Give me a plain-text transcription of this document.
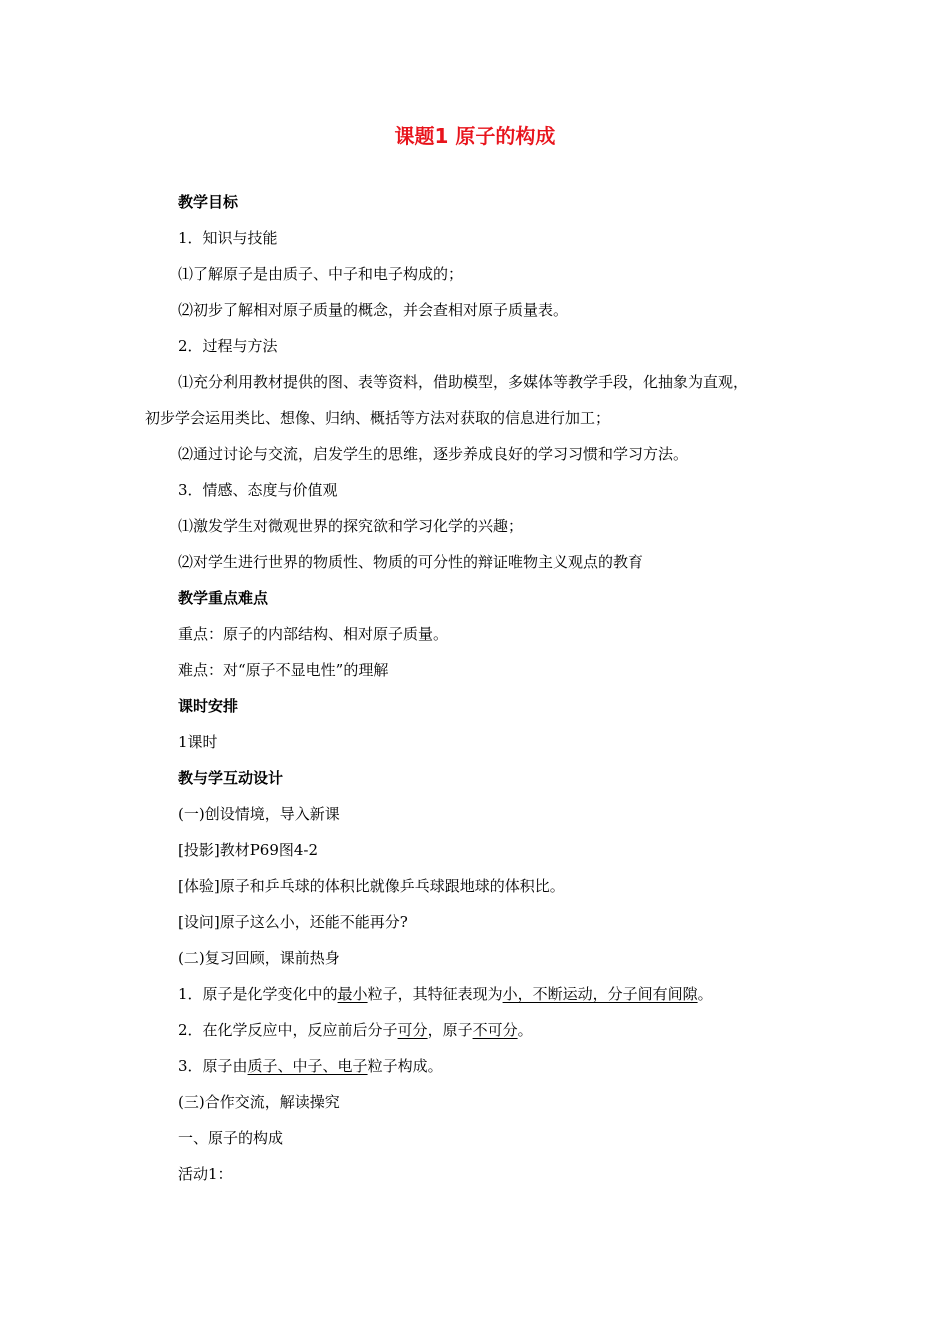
课题1 原子的构成
教学目标
1．知识与技能
⑴了解原子是由质子、中子和电子构成的；
⑵初步了解相对原子质量的概念，并会查相对原子质量表。
2．过程与方法
⑴充分利用教材提供的图、表等资料，借助模型，多媒体等教学手段，化抽象为直观，
初步学会运用类比、想像、归纳、概括等方法对获取的信息进行加工；
⑵通过讨论与交流，启发学生的思维，逐步养成良好的学习习惯和学习方法。
3．情感、态度与价值观
⑴激发学生对微观世界的探究欲和学习化学的兴趣；
⑵对学生进行世界的物质性、物质的可分性的辩证唯物主义观点的教育
教学重点难点
重点：原子的内部结构、相对原子质量。
难点：对“原子不显电性”的理解
课时安排
1课时
教与学互动设计
(一)创设情境，导入新课
[投影]教材P69图4-2
[体验]原子和乒乓球的体积比就像乒乓球跟地球的体积比。
[设问]原子这么小，还能不能再分?
(二)复习回顾，课前热身
1．原子是化学变化中的最小粒子，其特征表现为小，不断运动，分子间有间隙。
2．在化学反应中，反应前后分子可分，原子不可分。
3．原子由质子、中子、电子粒子构成。
(三)合作交流，解读操究
一、原子的构成
活动1：
